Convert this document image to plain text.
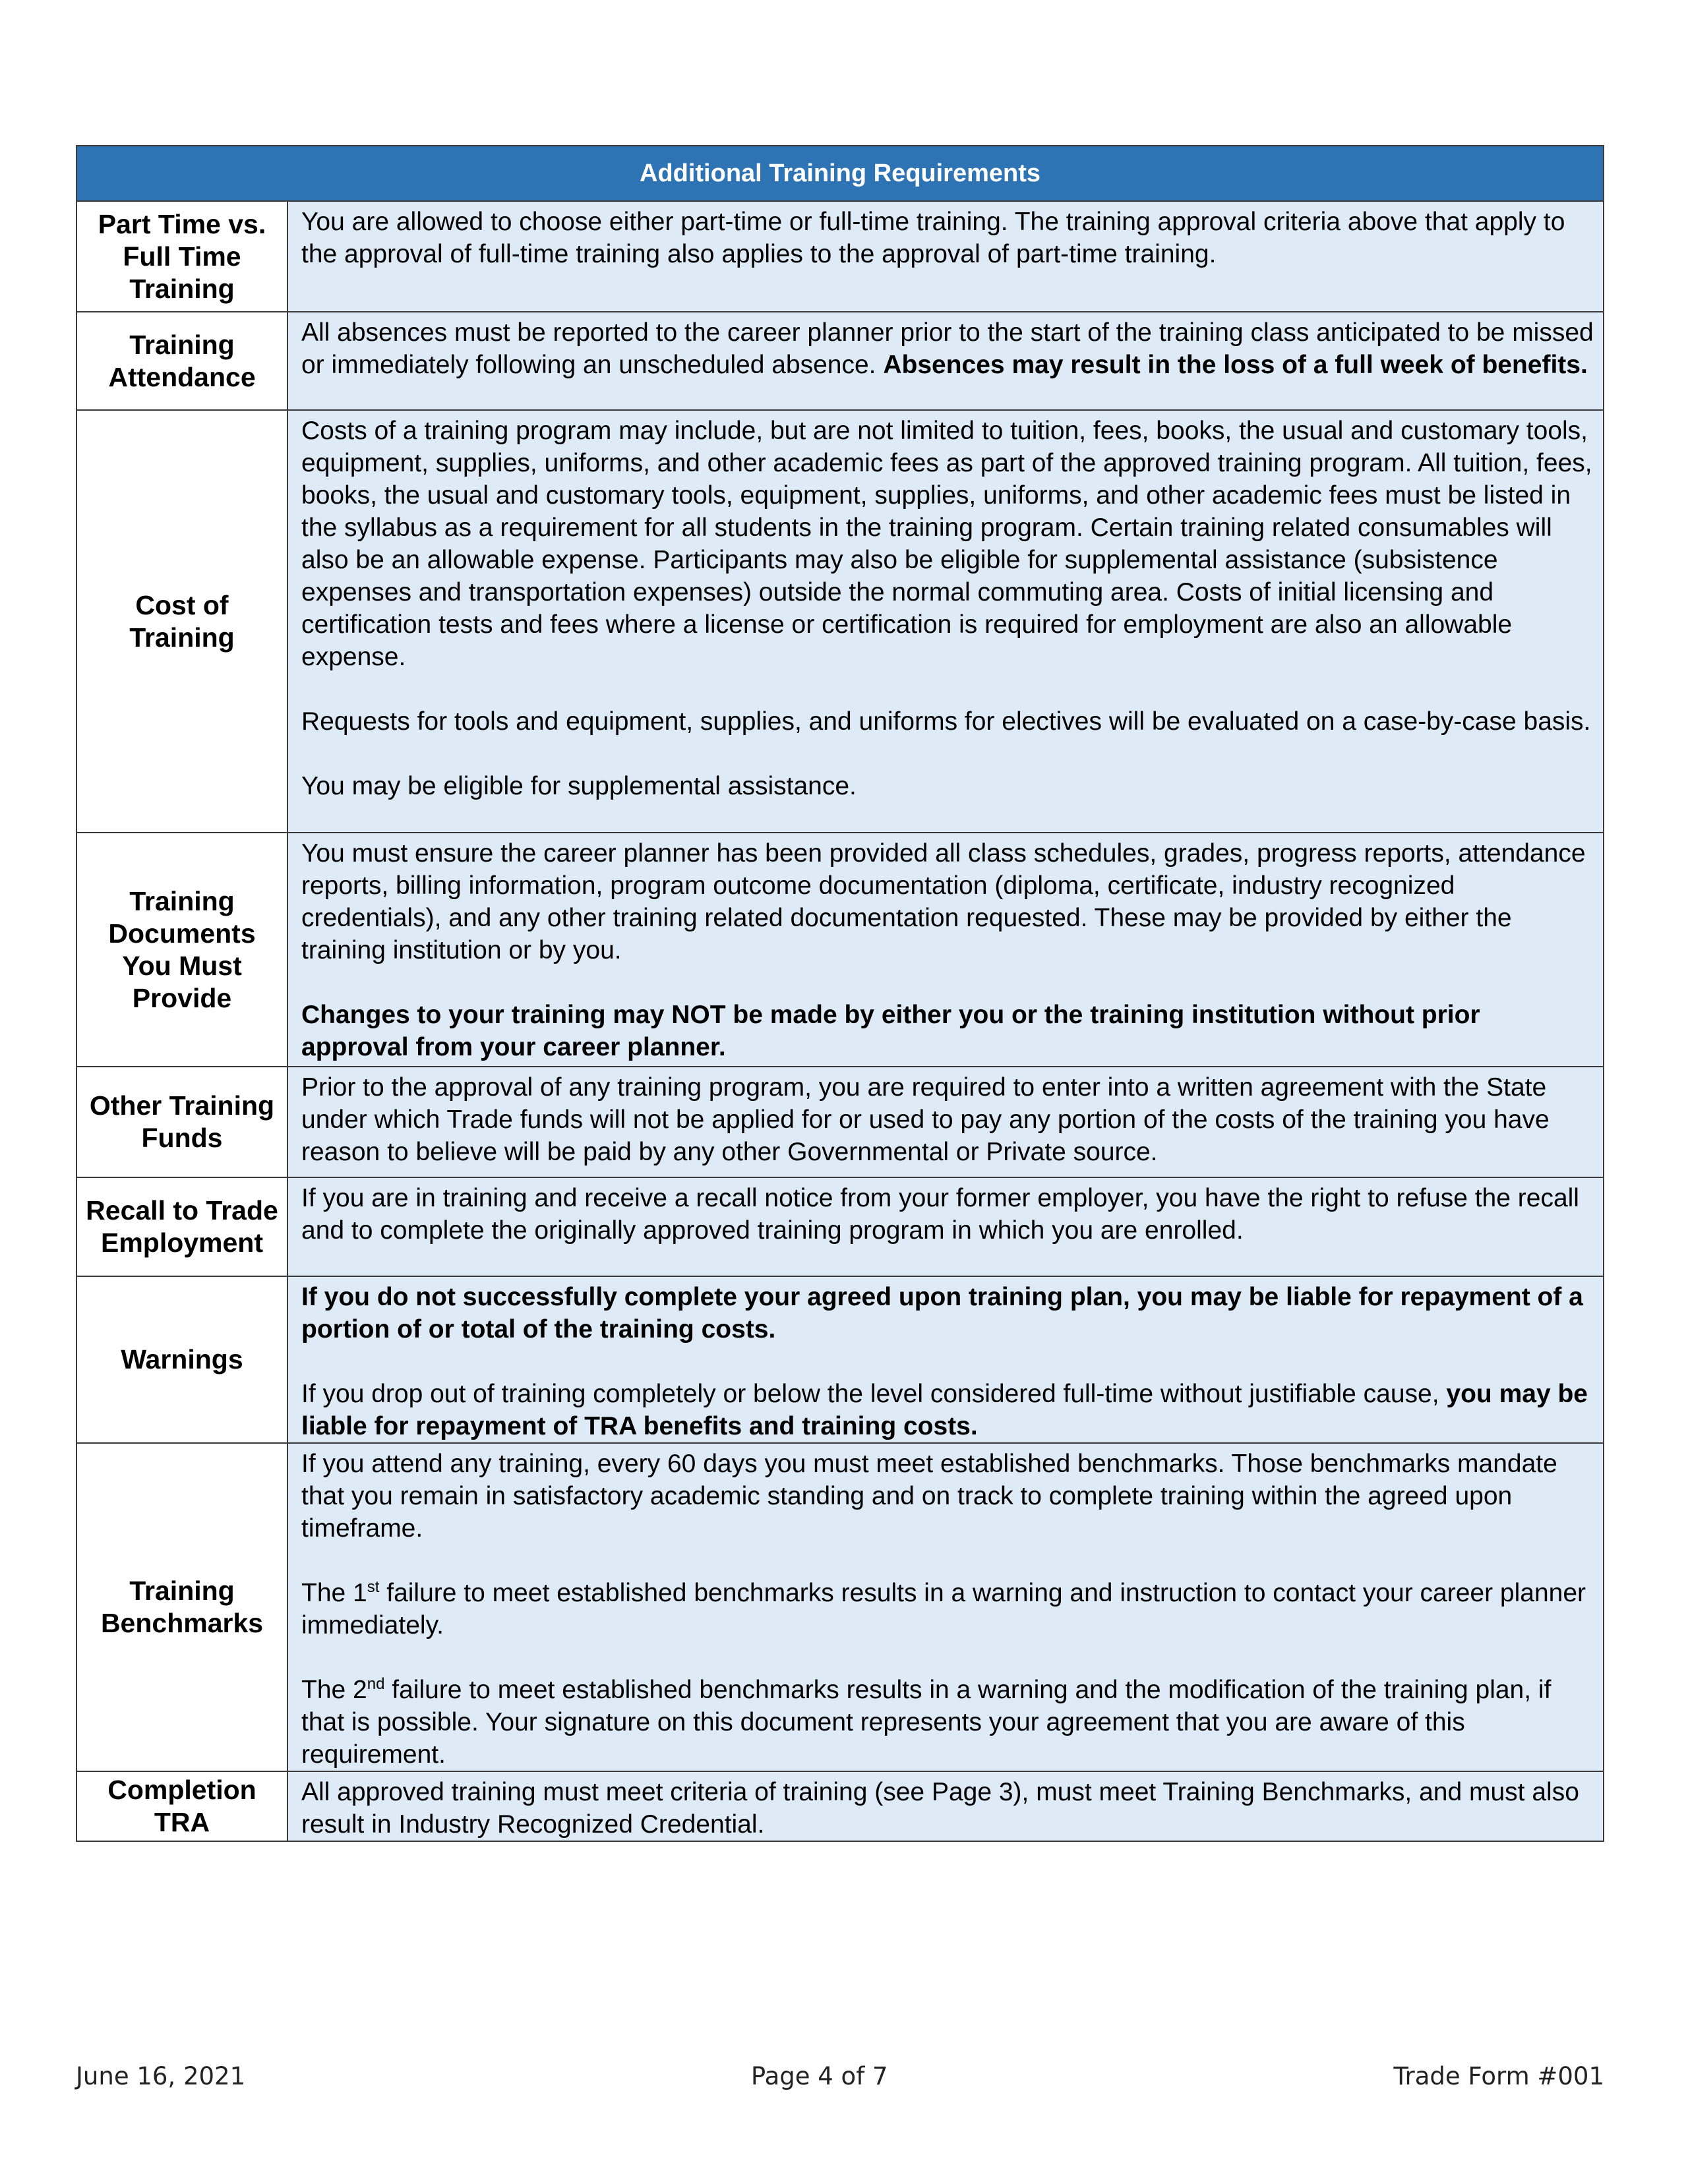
Additional Training Requirements	
Part Time vs. Full Time Training	You are allowed to choose either part-time or full-time training. The training approval criteria above that apply to the approval of full-time training also applies to the approval of part-time training.

Training Attendance	All absences must be reported to the career planner prior to the start of the training class anticipated to be missed or immediately following an unscheduled absence. Absences may result in the loss of a full week of benefits.

Cost of Training	Costs of a training program may include, but are not limited to tuition, fees, books, the usual and customary tools, equipment, supplies, uniforms, and other academic fees as part of the approved training program. All tuition, fees, books, the usual and customary tools, equipment, supplies, uniforms, and other academic fees must be listed in the syllabus as a requirement for all students in the training program. Certain training related consumables will also be an allowable expense. Participants may also be eligible for supplemental assistance (subsistence expenses and transportation expenses) outside the normal commuting area. Costs of initial licensing and certification tests and fees where a license or certification is required for employment are also an allowable expense.

Requests for tools and equipment, supplies, and uniforms for electives will be evaluated on a case-by-case basis.

You may be eligible for supplemental assistance.

Training Documents You Must Provide	You must ensure the career planner has been provided all class schedules, grades, progress reports, attendance reports, billing information, program outcome documentation (diploma, certificate, industry recognized credentials), and any other training related documentation requested. These may be provided by either the training institution or by you.

Changes to your training may NOT be made by either you or the training institution without prior approval from your career planner.

Other Training Funds	Prior to the approval of any training program, you are required to enter into a written agreement with the State under which Trade funds will not be applied for or used to pay any portion of the costs of the training you have reason to believe will be paid by any other Governmental or Private source.

Recall to Trade Employment	If you are in training and receive a recall notice from your former employer, you have the right to refuse the recall and to complete the originally approved training program in which you are enrolled.

Warnings	If you do not successfully complete your agreed upon training plan, you may be liable for repayment of a portion of or total of the training costs.

If you drop out of training completely or below the level considered full-time without justifiable cause, you may be liable for repayment of TRA benefits and training costs.

Training Benchmarks	If you attend any training, every 60 days you must meet established benchmarks. Those benchmarks mandate that you remain in satisfactory academic standing and on track to complete training within the agreed upon timeframe.

The 1st failure to meet established benchmarks results in a warning and instruction to contact your career planner immediately.

The 2nd failure to meet established benchmarks results in a warning and the modification of the training plan, if that is possible. Your signature on this document represents your agreement that you are aware of this requirement.

Completion TRA	All approved training must meet criteria of training (see Page 3), must meet Training Benchmarks, and must also result in Industry Recognized Credential.

June 16, 2021	Page 4 of 7	Trade Form #001
